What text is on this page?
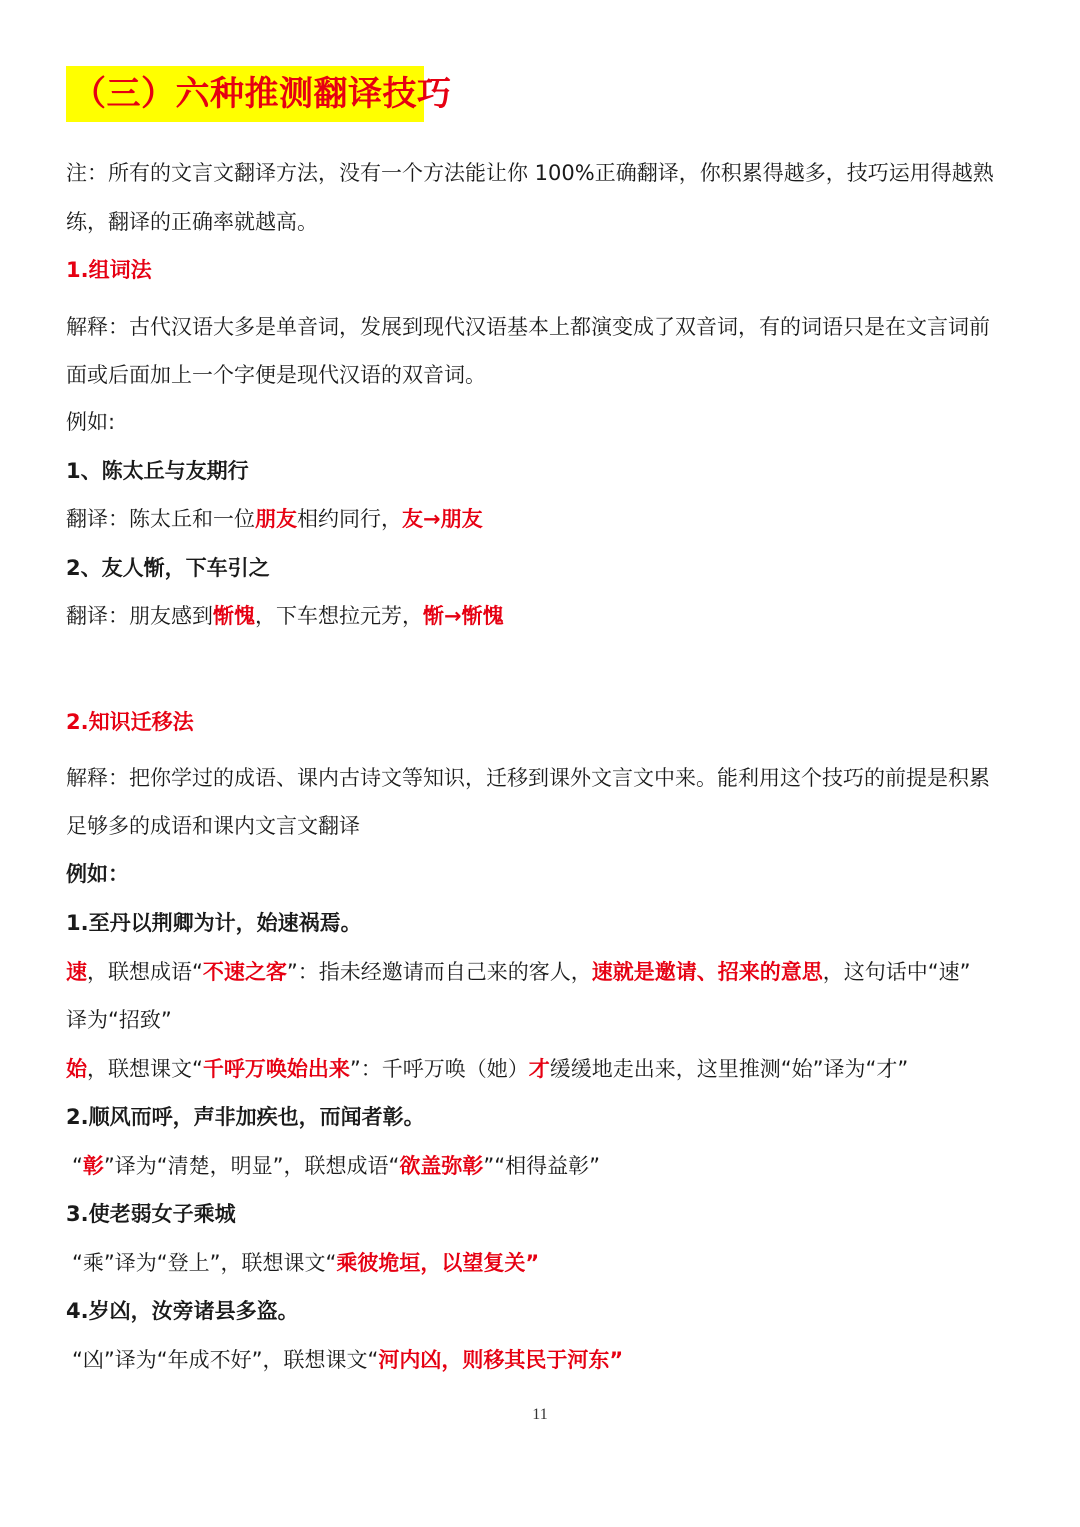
（三）六种推测翻译技巧
注：所有的文言文翻译方法，没有一个方法能让你 100%正确翻译，你积累得越多，技巧运用得越熟
练，翻译的正确率就越高。
1.组词法
解释：古代汉语大多是单音词，发展到现代汉语基本上都演变成了双音词，有的词语只是在文言词前
面或后面加上一个字便是现代汉语的双音词。
例如:
1、陈太丘与友期行
翻译：陈太丘和一位朋友相约同行，友→朋友
2、友人惭，下车引之
翻译：朋友感到惭愧，下车想拉元芳，惭→惭愧
2.知识迁移法
解释：把你学过的成语、课内古诗文等知识，迁移到课外文言文中来。能利用这个技巧的前提是积累
足够多的成语和课内文言文翻译
例如：
1.至丹以荆卿为计，始速祸焉。
速，联想成语“不速之客”：指未经邀请而自己来的客人，速就是邀请、招来的意思，这句话中“速”
译为“招致”
始，联想课文“千呼万唤始出来”：千呼万唤（她）才缓缓地走出来，这里推测“始”译为“才”
2.顺风而呼，声非加疾也，而闻者彰。
“彰”译为“清楚，明显”，联想成语“欲盖弥彰”“相得益彰”
3.使老弱女子乘城
“乘”译为“登上”，联想课文“乘彼垝垣，以望复关”
4.岁凶，汝旁诸县多盗。
“凶”译为“年成不好”，联想课文“河内凶，则移其民于河东”
11
